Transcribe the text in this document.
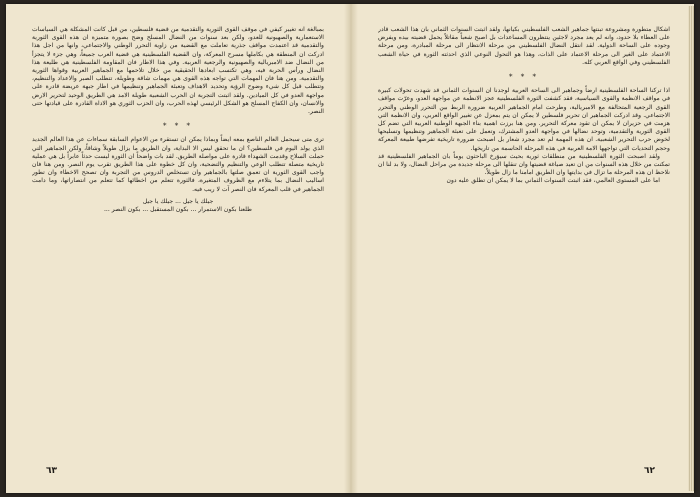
بمبالغة انه تغيير كيفي في موقف القوى الثورية والتقدمية من قضية فلسطين، من قبل كانت المشكلة هي السياسات الاستعمارية والصهيونية للعدو، ولكن بعد سنوات من النضال المسلح وضح بصورة متميزة ان هذه القوى الثورية والتقدمية قد اعتمدت مواقف جذرية تعاملت مع القضية من زاوية التحرر الوطني والاجتماعي، وانها من اجل هذا ادركت ان المنطقة هي بكاملها مسرح المعركة، وان القضية الفلسطينية هي قضية العرب جميعاً، وهي جزء لا يتجزأ من النضال ضد الامبريالية والصهيونية والرجعية العربية. وفي هذا الاطار فان المقاومة الفلسطينية هي طليعة هذا النضال ورأس الحربة فيه، وهي تكتسب ابعادها الحقيقية من خلال تلاحمها مع الجماهير العربية وقواها الثورية والتقدمية. ومن هنا فان المهمات التي تواجه هذه القوى هي مهمات شاقة وطويلة، تتطلب الصبر والاعداد والتنظيم، وتتطلب قبل كل شيء وضوح الرؤية وتحديد الاهداف وتعبئة الجماهير وتنظيمها في اطار جبهة عريضة قادرة على مواجهة العدو في كل الميادين. ولقد اثبتت التجربة ان الحرب الشعبية طويلة الامد هي الطريق الوحيد لتحرير الارض والانسان، وان الكفاح المسلح هو الشكل الرئيسي لهذه الحرب، وان الحزب الثوري هو الاداة القادرة على قيادتها حتى النصر.

* * *

ترى متى سيحمل العالم الناصع بمعه ايضاً وبماذا يمكن ان تستقرء من الاعوام السابقة سماءات عن هذا العالم الجديد الذي يولد اليوم في فلسطين؟ ان ما تحقق ليس الا البداية، وان الطريق ما يزال طويلاً وشاقاً، ولكن الجماهير التي حملت السلاح وقدمت الشهداء قادرة على مواصلة الطريق. لقد بات واضحاً ان الثورة ليست حدثاً عابراً بل هي عملية تاريخية متصلة تتطلب الوعي والتنظيم والتضحية، وان كل خطوة على هذا الطريق تقرب يوم النصر. ومن هنا فان واجب القوى الثورية ان تعمق صلتها بالجماهير وان تستخلص الدروس من التجربة وان تصحح الاخطاء وان تطور اساليب النضال بما يتلاءم مع الظروف المتغيرة، فالثورة تتعلم من اخطائها كما تتعلم من انتصاراتها، وما دامت الجماهير في قلب المعركة فان النصر آت لا ريب فيه.

جيلك يا جيل ... جيلك يا جيل
طلعنا بكون الاستمرار ... بكون المستقبل ... بكون النصر ...

اشكال متطورة ومشروعة تبنتها جماهير الشعب الفلسطيني بكيانها، ولقد اثبتت السنوات الثماني بان هذا الشعب قادر على العطاء بلا حدود، وانه لم يعد مجرد لاجئين ينتظرون المساعدات بل اصبح شعباً مقاتلاً يحمل قضيته بيده ويفرض وجوده على الساحة الدولية. لقد انتقل النضال الفلسطيني من مرحلة الانتظار الى مرحلة المبادرة، ومن مرحلة الاعتماد على الغير الى مرحلة الاعتماد على الذات، وهذا هو التحول النوعي الذي احدثته الثورة في حياة الشعب الفلسطيني وفي الواقع العربي كله.

* * *

اذا تركنا الساحة الفلسطينية ارضاً وجماهير الى الساحة العربية لوجدنا ان السنوات الثماني قد شهدت تحولات كبيرة في مواقف الانظمة والقوى السياسية، فقد كشفت الثورة الفلسطينية عجز الانظمة عن مواجهة العدو، وعرّت مواقف القوى الرجعية المتحالفة مع الامبريالية، وطرحت امام الجماهير العربية ضرورة الربط بين التحرر الوطني والتحرر الاجتماعي. وقد ادركت الجماهير ان تحرير فلسطين لا يمكن ان يتم بمعزل عن تغيير الواقع العربي، وان الانظمة التي هزمت في حزيران لا يمكن ان تقود معركة التحرير. ومن هنا برزت اهمية بناء الجبهة الوطنية العربية التي تضم كل القوى الثورية والتقدمية، وتوحد نضالها في مواجهة العدو المشترك، وتعمل على تعبئة الجماهير وتنظيمها وتسليحها لخوض حرب التحرير الشعبية. ان هذه المهمة لم تعد مجرد شعار بل اصبحت ضرورة تاريخية تفرضها طبيعة المعركة وحجم التحديات التي تواجهها الامة العربية في هذه المرحلة الحاسمة من تاريخها.

ولقد اصبحت الثورة الفلسطينية من منطلقات ثورية بحيث سيؤرخ الباحثون يوماً بان الجماهير الفلسطينية قد تمكنت من خلال هذه السنوات من ان تعيد صياغة قضيتها وان تنقلها الى مرحلة جديدة من مراحل النضال، ولا بد لنا ان نلاحظ ان هذه المرحلة ما تزال في بدايتها وان الطريق امامنا ما زال طويلاً.

اما على المستوى العالمي، فقد اثبتت السنوات الثماني بما لا يمكن ان تطلق عليه دون

٦٣	٦٢
